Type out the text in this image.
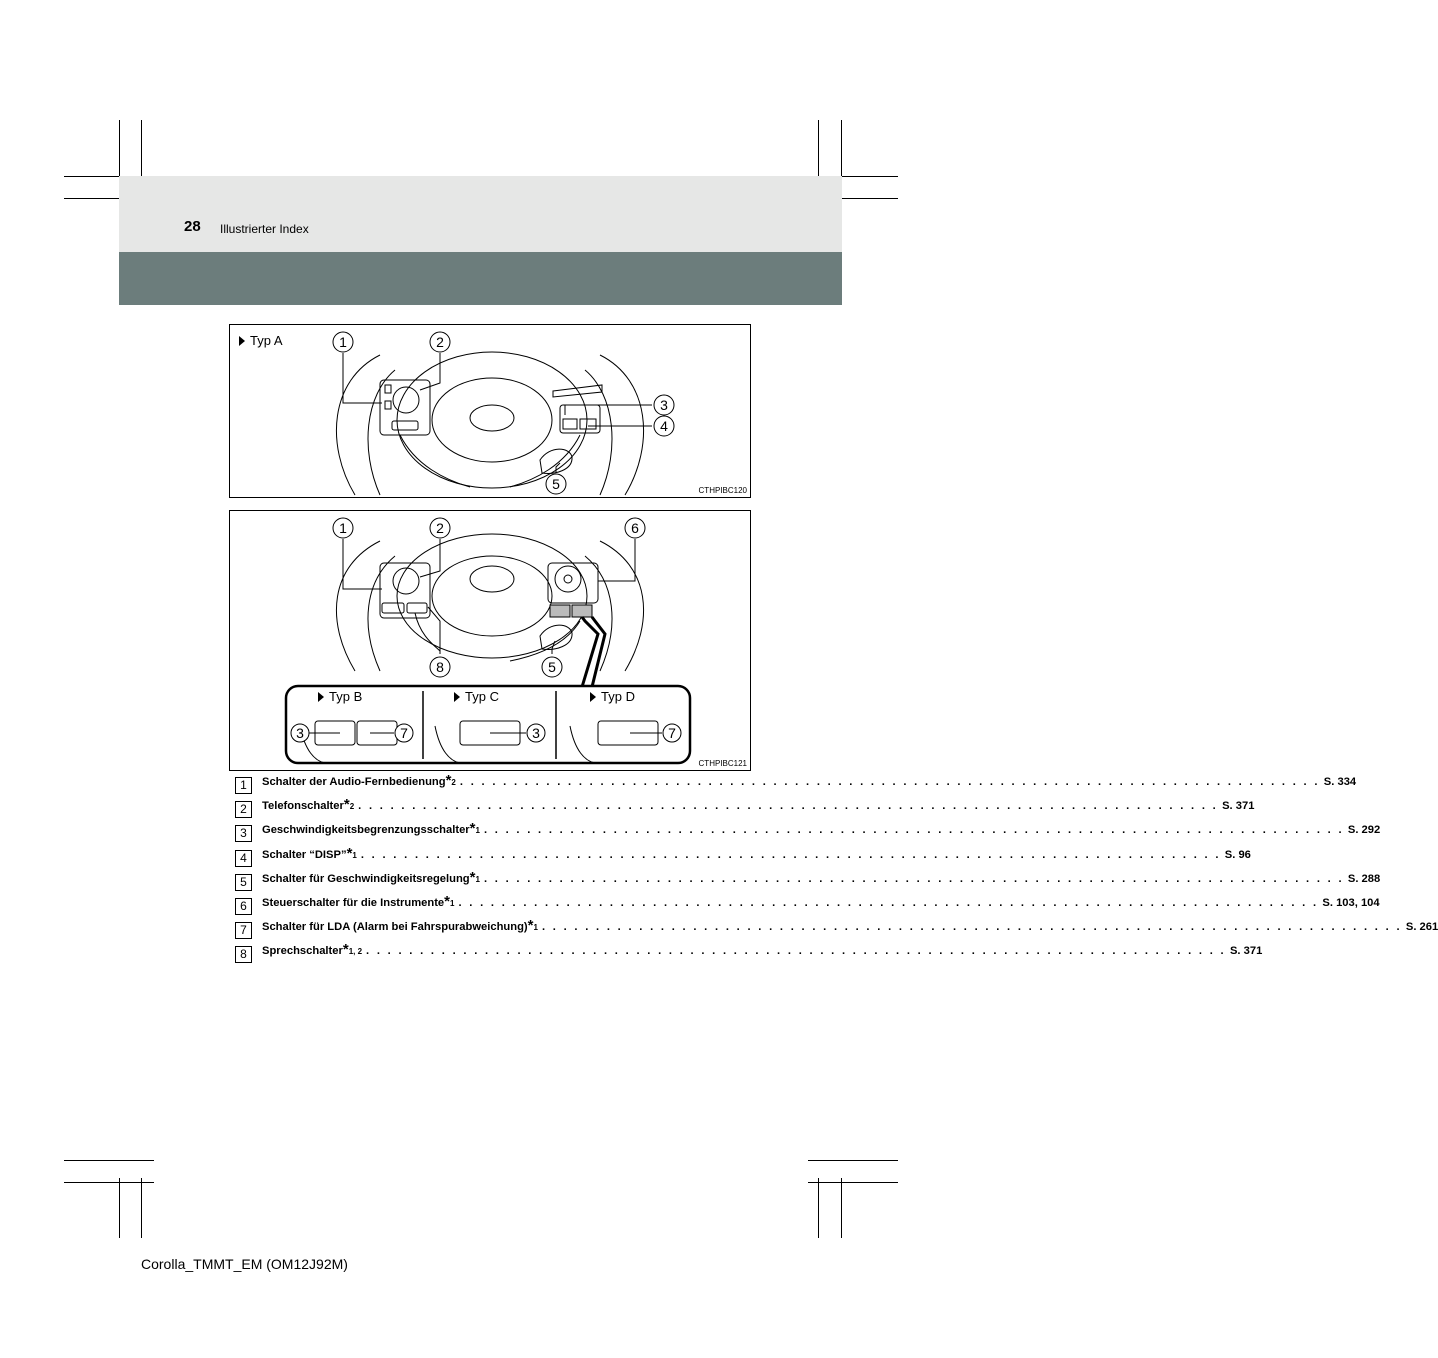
28 Illustrierter Index
1	2
3
4
5
Typ A
CTHPIBC120
1	2	6
8	5
3	7	3	7
Typ B	Typ C	Typ D
CTHPIBC121
1	Schalter der Audio-Fernbedienung *2 . . . . . . . . . . . . . . . . . . . . . . . . . . . . . . . . . . . . . . . . . . . . . . . . . . . . . . . . . . . . . . . . . . . . . . . . . . . . . . . . S. 334
2	Telefonschalter *2 . . . . . . . . . . . . . . . . . . . . . . . . . . . . . . . . . . . . . . . . . . . . . . . . . . . . . . . . . . . . . . . . . . . . . . . . . . . . . . . . S. 371
3	Geschwindigkeitsbegrenzungsschalter *1 . . . . . . . . . . . . . . . . . . . . . . . . . . . . . . . . . . . . . . . . . . . . . . . . . . . . . . . . . . . . . . . . . . . . . . . . . . . . . . . . S. 292
4	Schalter “DISP” *1 . . . . . . . . . . . . . . . . . . . . . . . . . . . . . . . . . . . . . . . . . . . . . . . . . . . . . . . . . . . . . . . . . . . . . . . . . . . . . . . . S. 96
5	Schalter für Geschwindigkeitsregelung *1 . . . . . . . . . . . . . . . . . . . . . . . . . . . . . . . . . . . . . . . . . . . . . . . . . . . . . . . . . . . . . . . . . . . . . . . . . . . . . . . . S. 288
6	Steuerschalter für die Instrumente *1 . . . . . . . . . . . . . . . . . . . . . . . . . . . . . . . . . . . . . . . . . . . . . . . . . . . . . . . . . . . . . . . . . . . . . . . . . . . . . . . . S. 103, 104
7	Schalter für LDA (Alarm bei Fahrspurabweichung) *1 . . . . . . . . . . . . . . . . . . . . . . . . . . . . . . . . . . . . . . . . . . . . . . . . . . . . . . . . . . . . . . . . . . . . . . . . . . . . . . . . S. 261
8	Sprechschalter *1, 2 . . . . . . . . . . . . . . . . . . . . . . . . . . . . . . . . . . . . . . . . . . . . . . . . . . . . . . . . . . . . . . . . . . . . . . . . . . . . . . . . S. 371
Corolla_TMMT_EM (OM12J92M)
